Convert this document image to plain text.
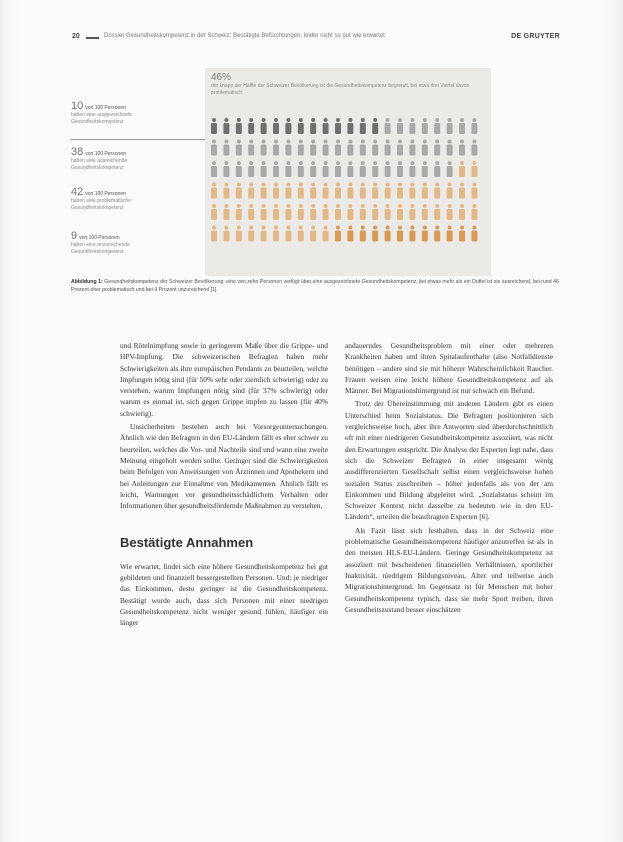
20	Dossier Gesundheitskompetenz in der Schweiz: Bestätigte Befürchtungen, leider nicht so gut wie erwartet	DE GRUYTER
46%
der knapp der Hälfte der Schweizer Bevölkerung ist die Gesundheitskompetenz begrenzt, bei etwa drei Viertel davon problematisch
10 von 100 Personen
haben eine ausgezeichnete
Gesundheitskompetenz
38 von 100 Personen
haben eine ausreichende
Gesundheitskompetenz
42 von 100 Personen
haben eine problematische
Gesundheitskompetenz
9 von 100 Personen
haben eine unzureichende
Gesundheitskompetenz
Abbildung 1: Gesundheitskompetenz der Schweizer Bevölkerung: eine von zehn Personen verfügt über eine ausgezeichnete Gesundheitskompetenz, bei etwas mehr als ein Drittel ist sie ausreichend, bei rund 46 Prozent eher problematisch und bei 9 Prozent unzureichend [1].

und Rötelnimpfung sowie in geringerem Maße über die Grippe- und HPV-Impfung. Die schweizerischen Befragten haben mehr Schwierigkeiten als ihre europäischen Pendants zu beurteilen, welche Impfungen nötig sind (für 50% sehr oder ziemlich schwierig) oder zu verstehen, warum Impfungen nötig sind (für 37% schwierig) oder warum es einmal ist, sich gegen Grippe impfen zu lassen (für 40% schwierig).

Unsicherheiten bestehen auch bei Vorsorgeuntersuchungen. Ähnlich wie den Befragten in den EU-Ländern fällt es eher schwer zu beurteilen, welches die Vor- und Nachteile sind und wann eine zweite Meinung eingeholt werden sollte. Geringer sind die Schwierigkeiten beim Befolgen von Anweisungen von Ärztinnen und Apothekern und bei Anleitungen zur Einnahme von Medikamenten. Ähnlich fällt es leicht, Warnungen vor gesundheitsschädlichem Verhalten oder Informationen über gesundheitsfördernde Maßnahmen zu verstehen.

Bestätigte Annahmen

Wie erwartet, findet sich eine höhere Gesundheitskompetenz bei gut gebildeten und finanziell bessergestellten Personen. Und: je niedriger das Einkommen, desto geringer ist die Gesundheitskompetenz. Bestätigt wurde auch, dass sich Personen mit einer niedrigen Gesundheitskompetenz nicht weniger gesund fühlen, häufiger ein länger

andauerndes Gesundheitsproblem mit einer oder mehreren Krankheiten haben und ihren Spitalaufenthalte (also Notfalldienste benötigen – andere sind sie mit höherer Wahrscheinlichkeit Raucher. Frauen weisen eine leicht höhere Gesundheitskompetenz auf als Männer. Bei Migrationshintergrund ist nur schwach ein Befund.

Trotz der Übereinstimmung mit anderen Ländern gibt es einen Unterschied beim Sozialstatus. Die Befragten positionieren sich vergleichsweise hoch, aber ihre Antworten sind überdurchschnittlich oft mit einer niedrigeren Gesundheitskompetenz assoziiert, was nicht den Erwartungen entspricht. Die Analyse der Experten legt nahe, dass sich die Schweizer Befragten in einer insgesamt wenig ausdifferenzierten Gesellschaft selbst einen vergleichsweise hohen sozialen Status zuschreiben – höher jedenfalls als von der am Einkommen und Bildung abgeleitet wird. „Sozialstatus scheint im Schweizer Kontext nicht dasselbe zu bedeuten wie in den EU-Ländern“, urteilen die beauftragten Experten [6].

Als Fazit lässt sich festhalten, dass in der Schweiz eine problematische Gesundheitskompetenz häufiger anzutreffen ist als in den meisten HLS-EU-Ländern. Geringe Gesundheitskompetenz ist assoziiert mit bescheidenen finanziellen Verhältnissen, sportlicher Inaktivität, niedrigem Bildungsniveau, Alter und teilweise auch Migrationshintergrund. Im Gegensatz ist für Menschen mit hoher Gesundheitskompetenz typisch, dass sie mehr Sport treiben, ihren Gesundheitszustand besser einschätzen
